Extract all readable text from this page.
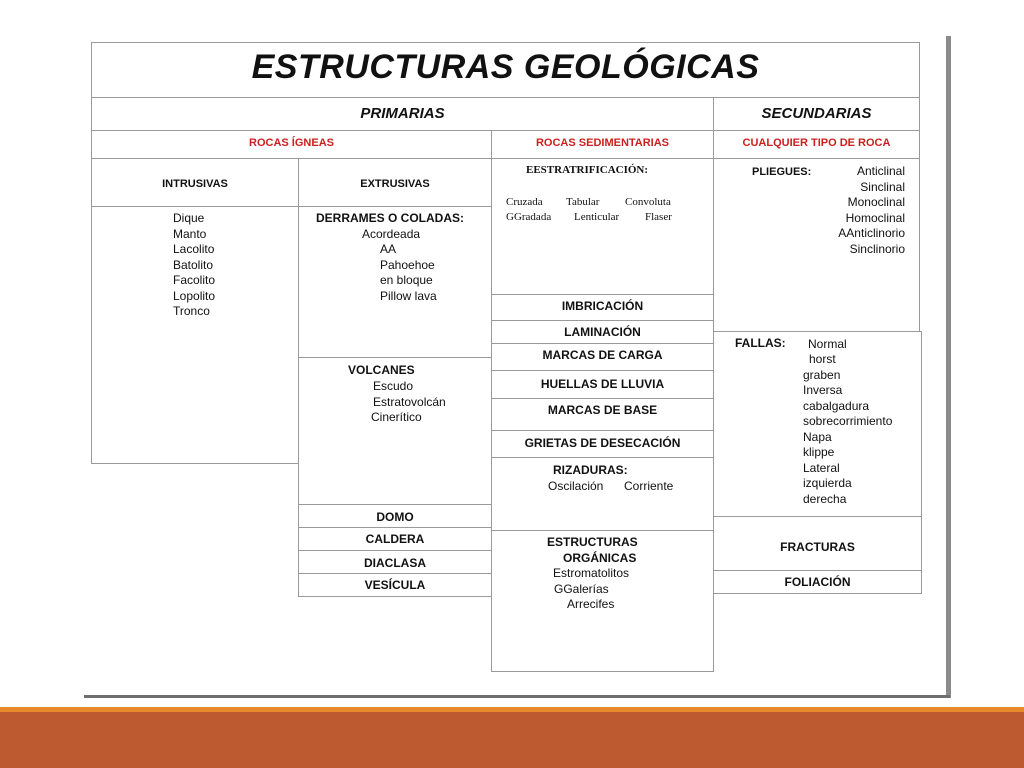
ESTRUCTURAS GEOLÓGICAS
PRIMARIAS	SECUNDARIAS
ROCAS ÍGNEAS	ROCAS SEDIMENTARIAS	CUALQUIER TIPO DE ROCA
INTRUSIVAS
Dique
Manto
Lacolito
Batolito
Facolito
Lopolito
Tronco
EXTRUSIVAS
DERRAMES O COLADAS:
Acordeada
AA
Pahoehoe
en bloque
Pillow lava
VOLCANES
Escudo
Estratovolcán
Cinerítico
DOMO
CALDERA
DIACLASA
VESÍCULA
EESTRATRIFICACIÓN:
Cruzada Tabular Convoluta
GGradada Lenticular Flaser
IMBRICACIÓN
LAMINACIÓN
MARCAS DE CARGA
HUELLAS DE LLUVIA
MARCAS DE BASE
GRIETAS DE DESECACIÓN
RIZADURAS:
Oscilación Corriente
ESTRUCTURAS
ORGÁNICAS
Estromatolitos
GGalerías
Arrecifes
PLIEGUES:	Anticlinal
Sinclinal
Monoclinal
Homoclinal
AAnticlinorio
Sinclinorio
FALLAS: Normal
horst
graben
Inversa
cabalgadura
sobrecorrimiento
Napa
klippe
Lateral
izquierda
derecha
FRACTURAS
FOLIACIÓN
